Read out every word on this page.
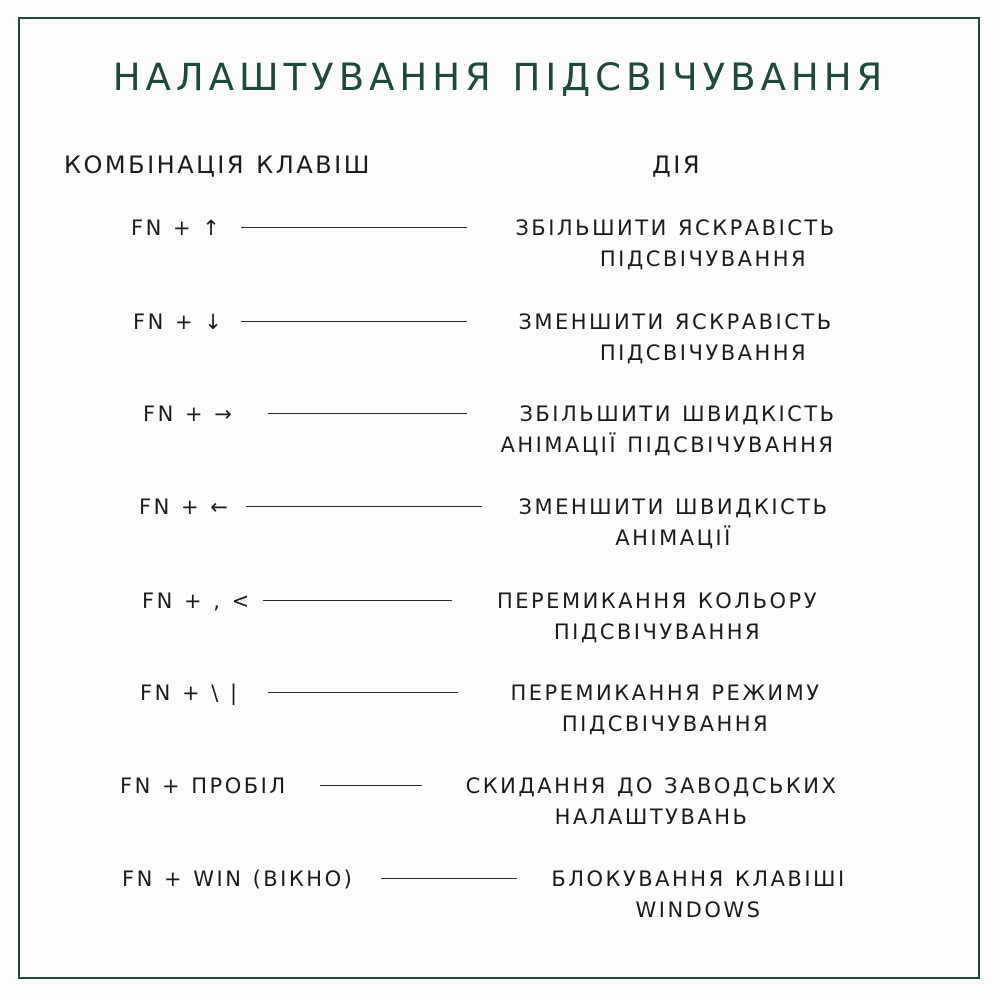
НАЛАШТУВАННЯ ПІДСВІЧУВАННЯ
КОМБІНАЦІЯ КЛАВІШ	ДІЯ
FN + ↑	ЗБІЛЬШИТИ ЯСКРАВІСТЬ
ПІДСВІЧУВАННЯ
FN + ↓	ЗМЕНШИТИ ЯСКРАВІСТЬ
ПІДСВІЧУВАННЯ
FN + →	ЗБІЛЬШИТИ ШВИДКІСТЬ
АНІМАЦІЇ ПІДСВІЧУВАННЯ
FN + ←	ЗМЕНШИТИ ШВИДКІСТЬ
АНІМАЦІЇ
FN + , <	ПЕРЕМИКАННЯ КОЛЬОРУ
ПІДСВІЧУВАННЯ
FN + \ |	ПЕРЕМИКАННЯ РЕЖИМУ
ПІДСВІЧУВАННЯ
FN + ПРОБІЛ	СКИДАННЯ ДО ЗАВОДСЬКИХ
НАЛАШТУВАНЬ
FN + WIN (ВІКНО)	БЛОКУВАННЯ КЛАВІШІ
WINDOWS
